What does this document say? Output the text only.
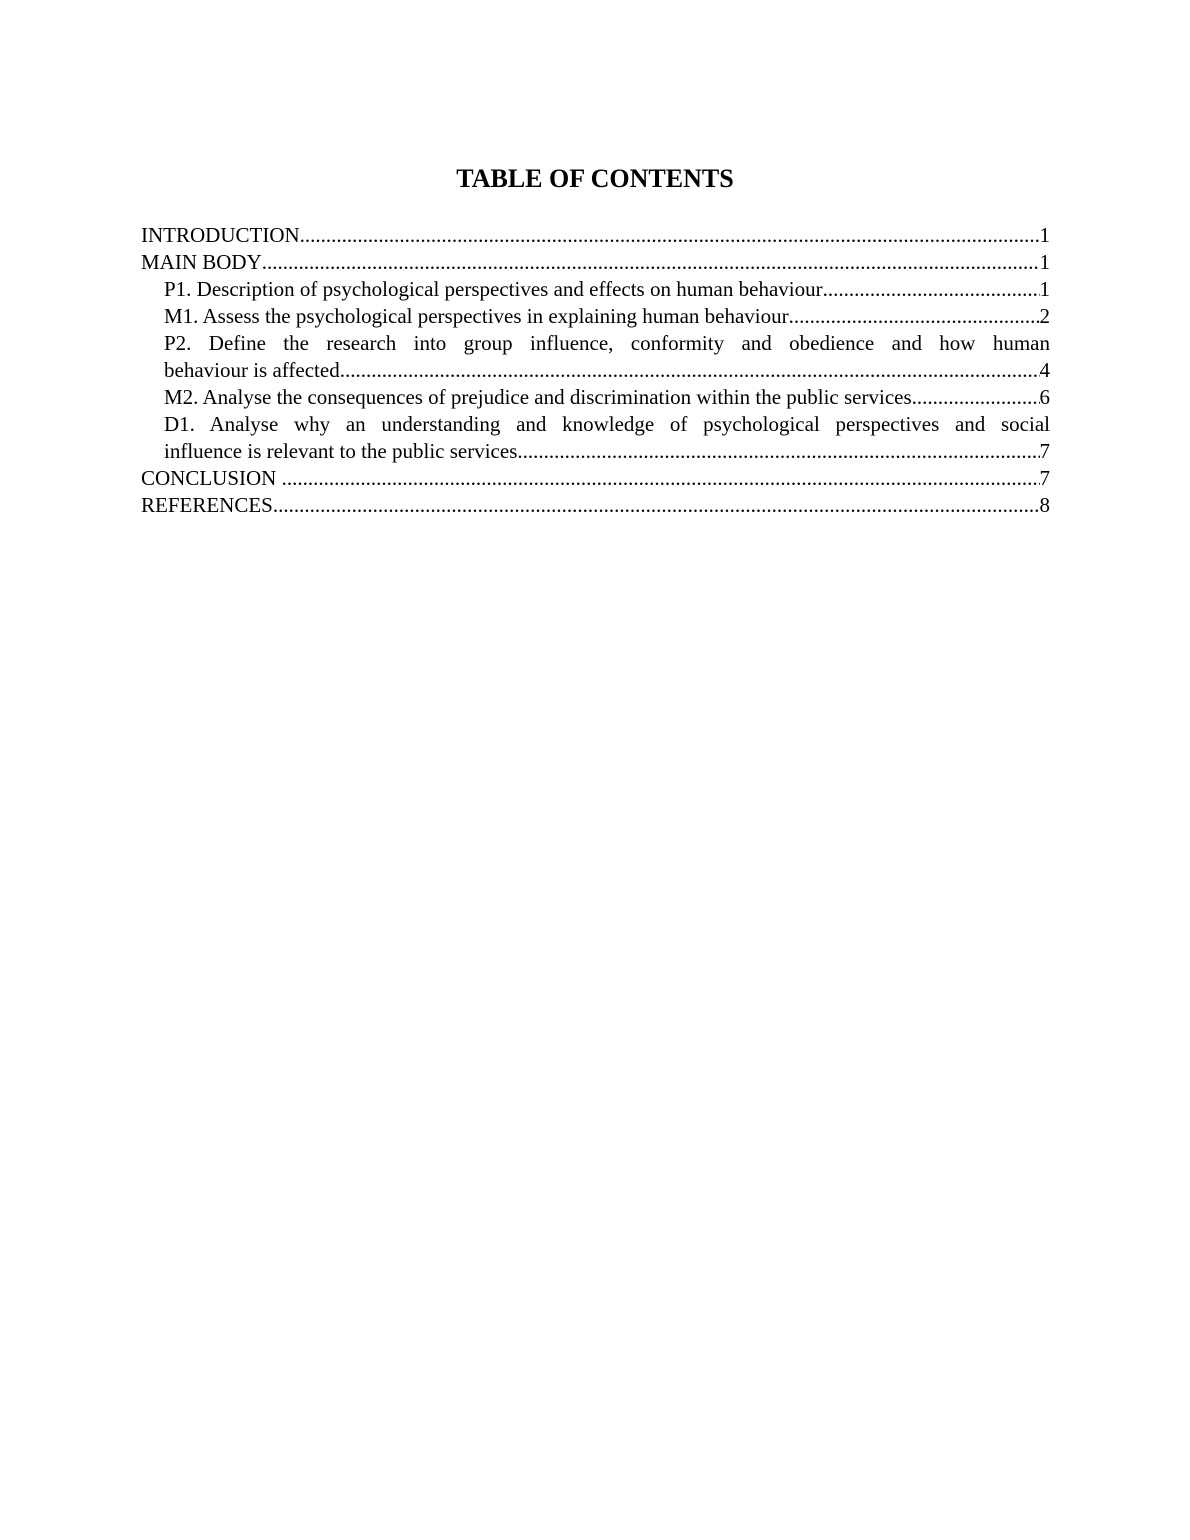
TABLE OF CONTENTS
INTRODUCTION .....	1
MAIN BODY .....	1
P1. Description of psychological perspectives and effects on human behaviour .....	1
M1. Assess the psychological perspectives in explaining human behaviour .....	2
P2. Define the research into group influence, conformity and obedience and how human
behaviour is affected .....	4
M2. Analyse the consequences of prejudice and discrimination within the public services .....	6
D1. Analyse why an understanding and knowledge of psychological perspectives and social
influence is relevant to the public services .....	7
CONCLUSION .....	7
REFERENCES .....	8
